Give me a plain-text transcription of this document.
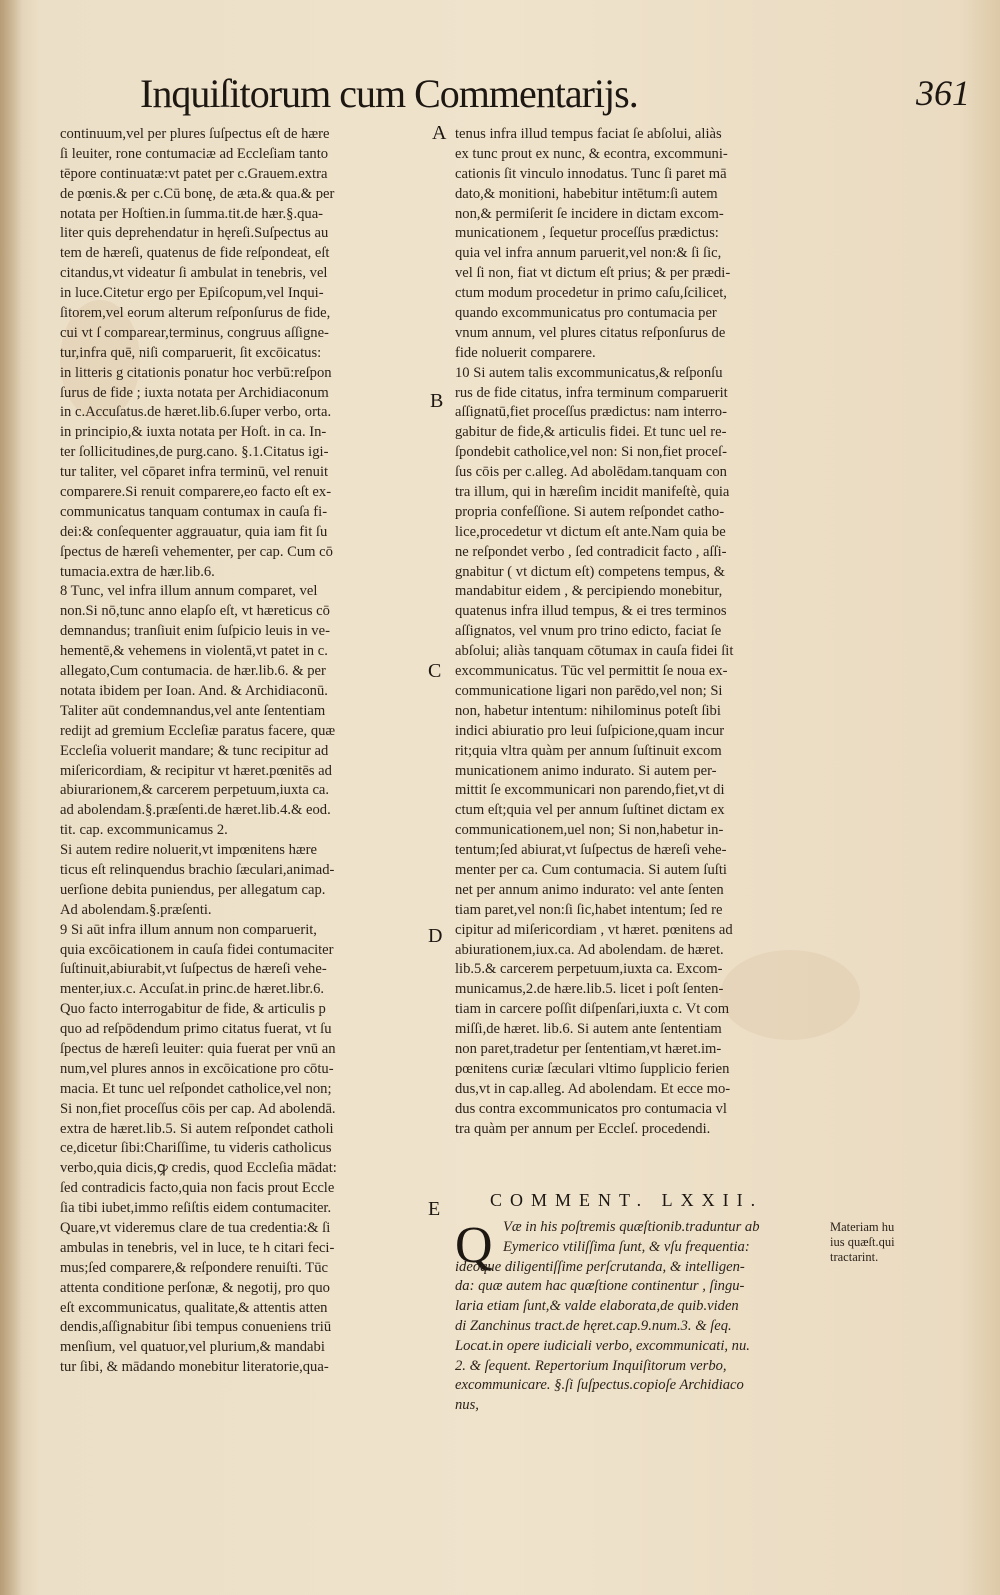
Inquiſitorum cum Commentarijs.	361
continuum,vel per plures ſuſpectus eſt de hære
ſi leuiter, rone contumaciæ ad Eccleſiam tanto
tēpore continuatæ:vt patet per c.Grauem.extra
de pœnis.& per c.Cū bonę, de æta.& qua.& per
notata per Hoſtien.in ſumma.tit.de hær.§.qua-
liter quis deprehendatur in hęreſi.Suſpectus au
tem de hæreſi, quatenus de fide reſpondeat, eſt
citandus,vt videatur ſi ambulat in tenebris, vel
in luce.Citetur ergo per Epiſcopum,vel Inqui-
ſitorem,vel eorum alterum reſponſurus de fide,
cui vt ſ comparear,terminus, congruus aſſigne-
tur,infra quē, niſi comparuerit, ſit excōicatus:
in litteris g citationis ponatur hoc verbū:reſpon
ſurus de fide ; iuxta notata per Archidiaconum
in c.Accuſatus.de hæret.lib.6.ſuper verbo, orta.
in principio,& iuxta notata per Hoſt. in ca. In-
ter ſollicitudines,de purg.cano. §.1.Citatus igi-
tur taliter, vel cōparet infra terminū, vel renuit
comparere.Si renuit comparere,eo facto eſt ex-
communicatus tanquam contumax in cauſa fi-
dei:& conſequenter aggrauatur, quia iam fit ſu
ſpectus de hæreſi vehementer, per cap. Cum cō
tumacia.extra de hær.lib.6.
8 Tunc, vel infra illum annum comparet, vel
non.Si nō,tunc anno elapſo eſt, vt hæreticus cō
demnandus; tranſiuit enim ſuſpicio leuis in ve-
hementē,& vehemens in violentā,vt patet in c.
allegato,Cum contumacia. de hær.lib.6. & per
notata ibidem per Ioan. And. & Archidiaconū.
Taliter aūt condemnandus,vel ante ſententiam
redijt ad gremium Eccleſiæ paratus facere, quæ
Eccleſia voluerit mandare; & tunc recipitur ad
miſericordiam, & recipitur vt hæret.pœnitēs ad
abiurarionem,& carcerem perpetuum,iuxta ca.
ad abolendam.§.præſenti.de hæret.lib.4.& eod.
tit. cap. excommunicamus 2.
Si autem redire noluerit,vt impœnitens hære
ticus eſt relinquendus brachio ſæculari,animad-
uerſione debita puniendus, per allegatum cap.
Ad abolendam.§.præſenti.
9 Si aūt infra illum annum non comparuerit,
quia excōicationem in cauſa fidei contumaciter
ſuſtinuit,abiurabit,vt ſuſpectus de hæreſi vehe-
menter,iux.c. Accuſat.in princ.de hæret.libr.6.
Quo facto interrogabitur de fide, & articulis p
quo ad reſpōdendum primo citatus fuerat, vt ſu
ſpectus de hæreſi leuiter: quia fuerat per vnū an
num,vel plures annos in excōicatione pro cōtu-
macia. Et tunc uel reſpondet catholice,vel non;
Si non,fiet proceſſus cōis per cap. Ad abolendā.
extra de hæret.lib.5. Si autem reſpondet catholi
ce,dicetur ſibi:Chariſſime, tu videris catholicus
verbo,quia dicis,ꝙ credis, quod Eccleſia mādat:
ſed contradicis facto,quia non facis prout Eccle
ſia tibi iubet,immo reſiſtis eidem contumaciter.
Quare,vt videremus clare de tua credentia:& ſi
ambulas in tenebris, vel in luce, te h citari feci-
mus;ſed comparere,& reſpondere renuiſti. Tūc
attenta conditione perſonæ, & negotij, pro quo
eſt excommunicatus, qualitate,& attentis atten
dendis,aſſignabitur ſibi tempus conueniens triū
menſium, vel quatuor,vel plurium,& mandabi
tur ſibi, & mādando monebitur literatorie,qua-
tenus infra illud tempus faciat ſe abſolui, aliàs
ex tunc prout ex nunc, & econtra, excommuni-
cationis ſit vinculo innodatus. Tunc ſi paret mā
dato,& monitioni, habebitur intētum:ſi autem
non,& permiſerit ſe incidere in dictam excom-
municationem , ſequetur proceſſus prædictus:
quia vel infra annum paruerit,vel non:& ſi ſic,
vel ſi non, fiat vt dictum eſt prius; & per prædi-
ctum modum procedetur in primo caſu,ſcilicet,
quando excommunicatus pro contumacia per
vnum annum, vel plures citatus reſponſurus de
fide noluerit comparere.
10 Si autem talis excommunicatus,& reſponſu
rus de fide citatus, infra terminum comparuerit
aſſignatū,fiet proceſſus prædictus: nam interro-
gabitur de fide,& articulis fidei. Et tunc uel re-
ſpondebit catholice,vel non: Si non,fiet proceſ-
ſus cōis per c.alleg. Ad abolēdam.tanquam con
tra illum, qui in hæreſim incidit manifeſtè, quia
propria confeſſione. Si autem reſpondet catho-
lice,procedetur vt dictum eſt ante.Nam quia be
ne reſpondet verbo , ſed contradicit facto , aſſi-
gnabitur ( vt dictum eſt) competens tempus, &
mandabitur eidem , & percipiendo monebitur,
quatenus infra illud tempus, & ei tres terminos
aſſignatos, vel vnum pro trino edicto, faciat ſe
abſolui; aliàs tanquam cōtumax in cauſa fidei ſit
excommunicatus. Tūc vel permittit ſe noua ex-
communicatione ligari non parēdo,vel non; Si
non, habetur intentum: nihilominus poteſt ſibi
indici abiuratio pro leui ſuſpicione,quam incur
rit;quia vltra quàm per annum ſuſtinuit excom
municationem animo indurato. Si autem per-
mittit ſe excommunicari non parendo,fiet,vt di
ctum eſt;quia vel per annum ſuſtinet dictam ex
communicationem,uel non; Si non,habetur in-
tentum;ſed abiurat,vt ſuſpectus de hæreſi vehe-
menter per ca. Cum contumacia. Si autem ſuſti
net per annum animo indurato: vel ante ſenten
tiam paret,vel non:ſi ſic,habet intentum; ſed re
cipitur ad miſericordiam , vt hæret. pœnitens ad
abiurationem,iux.ca. Ad abolendam. de hæret.
lib.5.& carcerem perpetuum,iuxta ca. Excom-
municamus,2.de hære.lib.5. licet i poſt ſenten-
tiam in carcere poſſit diſpenſari,iuxta c. Vt com
miſſi,de hæret. lib.6. Si autem ante ſententiam
non paret,tradetur per ſententiam,vt hæret.im-
pœnitens curiæ ſæculari vltimo ſupplicio ferien
dus,vt in cap.alleg. Ad abolendam. Et ecce mo-
dus contra excommunicatos pro contumacia vl
tra quàm per annum per Eccleſ. procedendi.
A
B
C
D
E	COMMENT. LXXII.
Q Væ in his poſtremis quæſtionib.traduntur ab
Eymerico vtiliſſima ſunt, & vſu frequentia:
ideoque diligentiſſime perſcrutanda, & intelligen-
da: quæ autem hac quæſtione continentur , ſingu-
laria etiam ſunt,& valde elaborata,de quib.viden
di Zanchinus tract.de hęret.cap.9.num.3. & ſeq.
Locat.in opere iudiciali verbo, excommunicati, nu.
2. & ſequent. Repertorium Inquiſitorum verbo,
excommunicare. §.ſi ſuſpectus.copioſe Archidiaco
nus,
Materiam hu
ius quæſt.qui
tractarint.
